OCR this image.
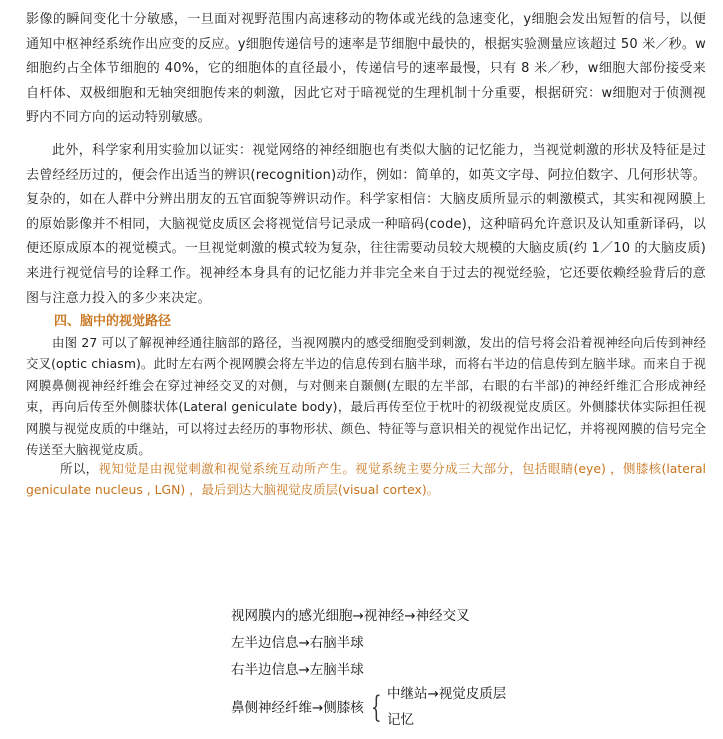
影像的瞬间变化十分敏感，一旦面对视野范围内高速移动的物体或光线的急速变化，y细胞会发出短暂的信号，以便通知中枢神经系统作出应变的反应。y细胞传递信号的速率是节细胞中最快的，根据实验测量应该超过 50 米／秒。w细胞约占全体节细胞的 40%，它的细胞体的直径最小，传递信号的速率最慢，只有 8 米／秒，w细胞大部份接受来自杆体、双极细胞和无轴突细胞传来的刺激，因此它对于暗视觉的生理机制十分重要，根据研究：w细胞对于侦测视野内不同方向的运动特别敏感。

此外，科学家利用实验加以证实：视觉网络的神经细胞也有类似大脑的记忆能力，当视觉刺激的形状及特征是过去曾经经历过的，便会作出适当的辨识(recognition)动作，例如：简单的，如英文字母、阿拉伯数字、几何形状等。复杂的，如在人群中分辨出朋友的五官面貌等辨识动作。科学家相信：大脑皮质所显示的刺激模式，其实和视网膜上的原始影像并不相同，大脑视觉皮质区会将视觉信号记录成一种暗码(code)，这种暗码允许意识及认知重新译码，以便还原成原本的视觉模式。一旦视觉刺激的模式较为复杂，往往需要动员较大规模的大脑皮质(约 1／10 的大脑皮质)来进行视觉信号的诠释工作。视神经本身具有的记忆能力并非完全来自于过去的视觉经验，它还要依赖经验背后的意图与注意力投入的多少来决定。

四、脑中的视觉路径

由图 27 可以了解视神经通往脑部的路径，当视网膜内的感受细胞受到刺激，发出的信号将会沿着视神经向后传到神经交叉(optic chiasm)。此时左右两个视网膜会将左半边的信息传到右脑半球，而将右半边的信息传到左脑半球。而来自于视网膜鼻侧视神经纤维会在穿过神经交叉的对侧，与对侧来自颞侧(左眼的左半部，右眼的右半部)的神经纤维汇合形成神经束，再向后传至外侧膝状体(Lateral geniculate body)，最后再传至位于枕叶的初级视觉皮质区。外侧膝状体实际担任视网膜与视觉皮质的中继站，可以将过去经历的事物形状、颜色、特征等与意识相关的视觉作出记忆，并将视网膜的信号完全传送至大脑视觉皮质。

所以，视知觉是由视觉刺激和视觉系统互动所产生。视觉系统主要分成三大部分，包括眼睛(eye) ，侧膝核(lateral geniculate nucleus , LGN) ，最后到达大脑视觉皮质层(visual cortex)。

视网膜内的感光细胞→视神经→神经交叉
左半边信息→右脑半球
右半边信息→左脑半球
鼻侧神经纤维→侧膝核 { 中继站→视觉皮质层
记忆
